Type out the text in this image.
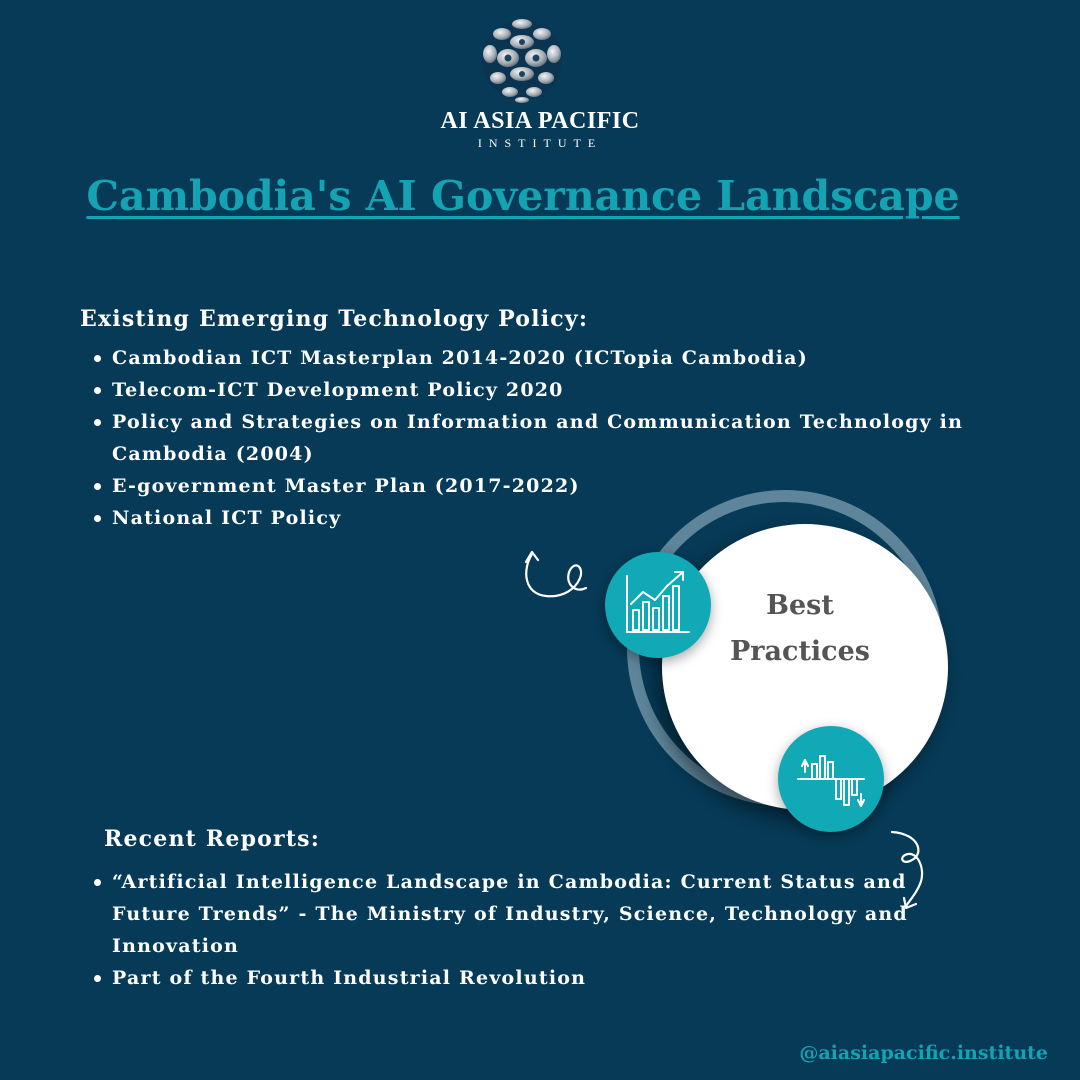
AI ASIA PACIFIC
INSTITUTE
Cambodia's AI Governance Landscape
Existing Emerging Technology Policy:
Cambodian ICT Masterplan 2014-2020 (ICTopia Cambodia)
Telecom-ICT Development Policy 2020
Policy and Strategies on Information and Communication Technology in Cambodia (2004)
E-government Master Plan (2017-2022)
National ICT Policy
Best
Practices
Recent Reports:
“Artificial Intelligence Landscape in Cambodia: Current Status and Future Trends” - The Ministry of Industry, Science, Technology and Innovation
Part of the Fourth Industrial Revolution
@aiasiapacific.institute
